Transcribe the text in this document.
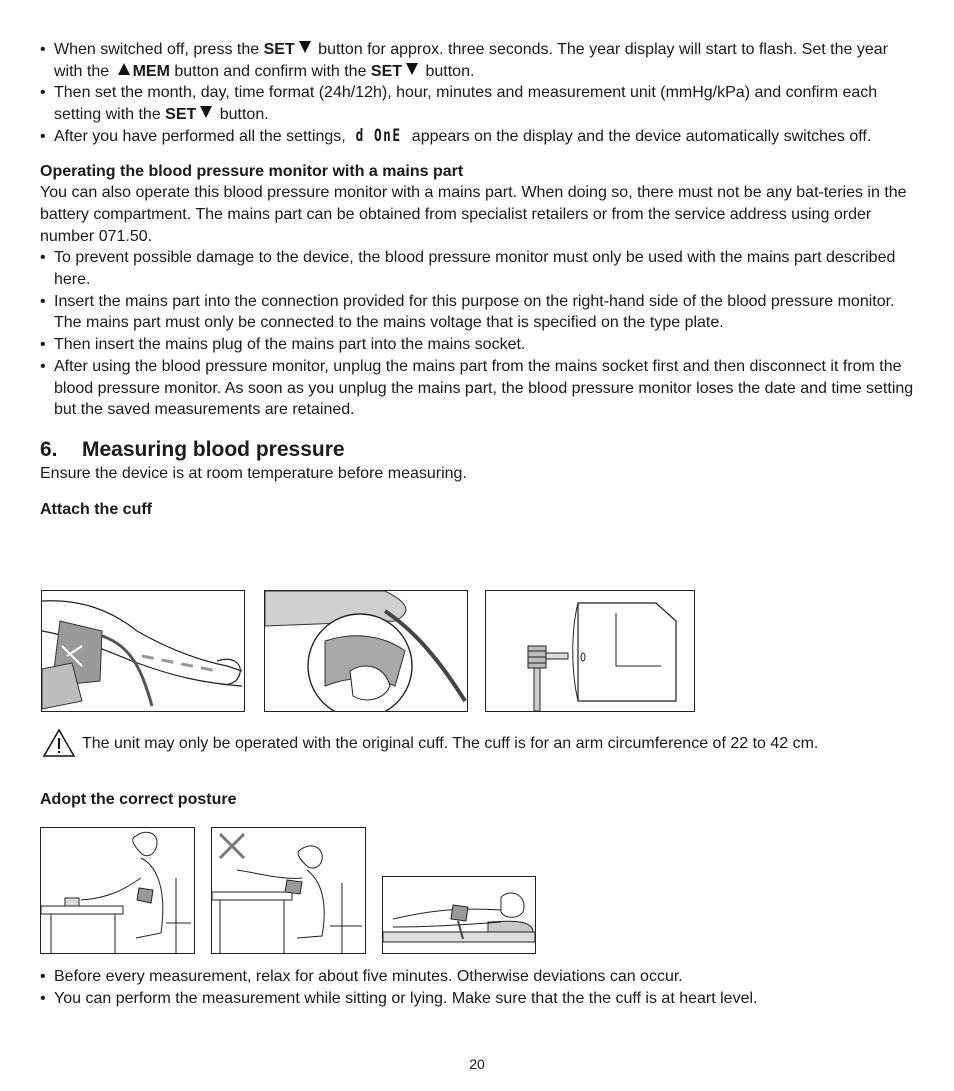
• When switched off, press the SET button for approx. three seconds. The year display will start to flash. Set the year with the MEM button and confirm with the SET button.
• Then set the month, day, time format (24h/12h), hour, minutes and measurement unit (mmHg/kPa) and confirm each setting with the SET button.
• After you have performed all the settings, d OnE appears on the display and the device automatically switches off.
Operating the blood pressure monitor with a mains part

You can also operate this blood pressure monitor with a mains part. When doing so, there must not be any bat-teries in the battery compartment. The mains part can be obtained from specialist retailers or from the service address using order number 071.50.

• To prevent possible damage to the device, the blood pressure monitor must only be used with the mains part described here.
• Insert the mains part into the connection provided for this purpose on the right-hand side of the blood pressure monitor.

The mains part must only be connected to the mains voltage that is specified on the type plate.

• Then insert the mains plug of the mains part into the mains socket.
• After using the blood pressure monitor, unplug the mains part from the mains socket first and then disconnect it from the blood pressure monitor. As soon as you unplug the mains part, the blood pressure monitor loses the date and time setting but the saved measurements are retained.
6. Measuring blood pressure

Ensure the device is at room temperature before measuring.

Attach the cuff
The unit may only be operated with the original cuff. The cuff is for an arm circumference of 22 to 42 cm.
Adopt the correct posture
• Before every measurement, relax for about five minutes. Otherwise deviations can occur.
• You can perform the measurement while sitting or lying. Make sure that the the cuff is at heart level.
20
